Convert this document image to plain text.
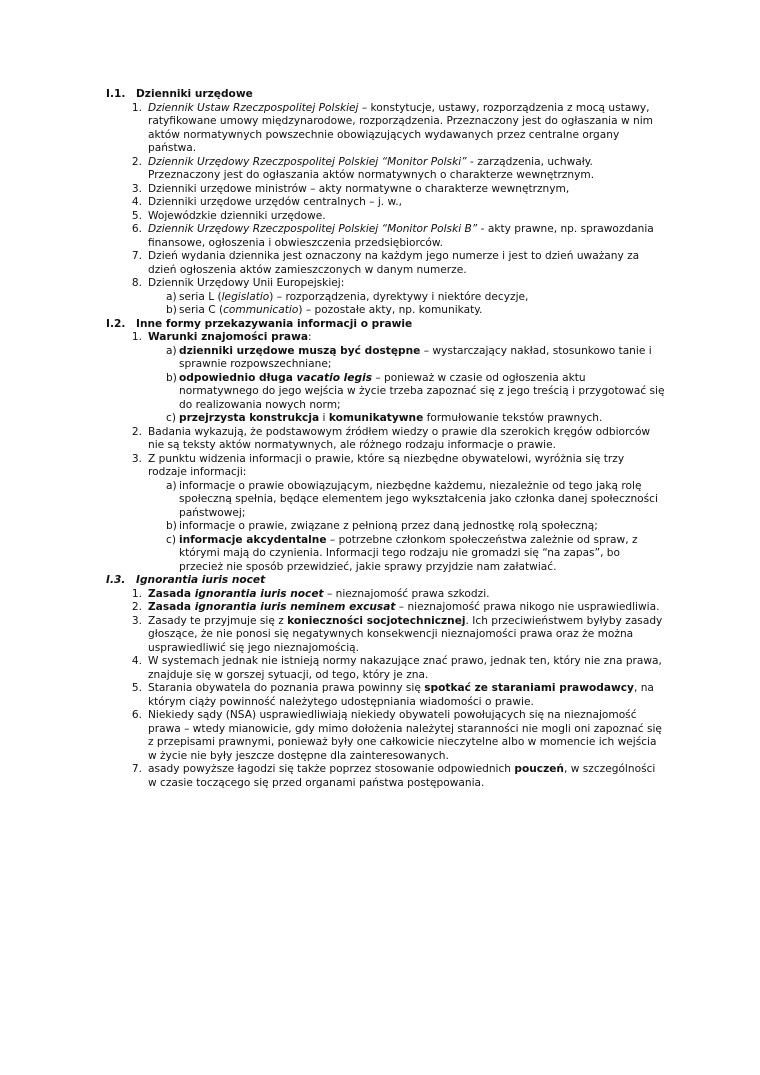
I.1. Dzienniki urzędowe

1. Dziennik Ustaw Rzeczpospolitej Polskiej – konstytucje, ustawy, rozporządzenia z mocą ustawy, ratyfikowane umowy międzynarodowe, rozporządzenia. Przeznaczony jest do ogłaszania w nim aktów normatywnych powszechnie obowiązujących wydawanych przez centralne organy państwa.
2. Dziennik Urzędowy Rzeczpospolitej Polskiej “Monitor Polski” - zarządzenia, uchwały. Przeznaczony jest do ogłaszania aktów normatywnych o charakterze wewnętrznym.
3. Dzienniki urzędowe ministrów – akty normatywne o charakterze wewnętrznym,
4. Dzienniki urzędowe urzędów centralnych – j. w.,
5. Wojewódzkie dzienniki urzędowe.
6. Dziennik Urzędowy Rzeczpospolitej Polskiej “Monitor Polski B” - akty prawne, np. sprawozdania finansowe, ogłoszenia i obwieszczenia przedsiębiorców.
7. Dzień wydania dziennika jest oznaczony na każdym jego numerze i jest to dzień uważany za dzień ogłoszenia aktów zamieszczonych w danym numerze.
8. Dziennik Urzędowy Unii Europejskiej:
a) seria L (legislatio) – rozporządzenia, dyrektywy i niektóre decyzje,
b) seria C (communicatio) – pozostałe akty, np. komunikaty.

I.2. Inne formy przekazywania informacji o prawie

1. Warunki znajomości prawa:
a) dzienniki urzędowe muszą być dostępne – wystarczający nakład, stosunkowo tanie i sprawnie rozpowszechniane;
b) odpowiednio długa vacatio legis – ponieważ w czasie od ogłoszenia aktu normatywnego do jego wejścia w życie trzeba zapoznać się z jego treścią i przygotować się do realizowania nowych norm;
c) przejrzysta konstrukcja i komunikatywne formułowanie tekstów prawnych.
2. Badania wykazują, że podstawowym źródłem wiedzy o prawie dla szerokich kręgów odbiorców nie są teksty aktów normatywnych, ale różnego rodzaju informacje o prawie.
3. Z punktu widzenia informacji o prawie, które są niezbędne obywatelowi, wyróżnia się trzy rodzaje informacji:
a) informacje o prawie obowiązującym, niezbędne każdemu, niezależnie od tego jaką rolę społeczną spełnia, będące elementem jego wykształcenia jako członka danej społeczności państwowej;
b) informacje o prawie, związane z pełnioną przez daną jednostkę rolą społeczną;
c) informacje akcydentalne – potrzebne członkom społeczeństwa zależnie od spraw, z którymi mają do czynienia. Informacji tego rodzaju nie gromadzi się “na zapas”, bo przecież nie sposób przewidzieć, jakie sprawy przyjdzie nam załatwiać.

I.3. Ignorantia iuris nocet

1. Zasada ignorantia iuris nocet – nieznajomość prawa szkodzi.
2. Zasada ignorantia iuris neminem excusat – nieznajomość prawa nikogo nie usprawiedliwia.
3. Zasady te przyjmuje się z konieczności socjotechnicznej. Ich przeciwieństwem byłyby zasady głoszące, że nie ponosi się negatywnych konsekwencji nieznajomości prawa oraz że można usprawiedliwić się jego nieznajomością.
4. W systemach jednak nie istnieją normy nakazujące znać prawo, jednak ten, który nie zna prawa, znajduje się w gorszej sytuacji, od tego, który je zna.
5. Starania obywatela do poznania prawa powinny się spotkać ze staraniami prawodawcy, na którym ciąży powinność należytego udostępniania wiadomości o prawie.
6. Niekiedy sądy (NSA) usprawiedliwiają niekiedy obywateli powołujących się na nieznajomość prawa – wtedy mianowicie, gdy mimo dołożenia należytej staranności nie mogli oni zapoznać się z przepisami prawnymi, ponieważ były one całkowicie nieczytelne albo w momencie ich wejścia w życie nie były jeszcze dostępne dla zainteresowanych.
7. asady powyższe łagodzi się także poprzez stosowanie odpowiednich pouczeń, w szczególności w czasie toczącego się przed organami państwa postępowania.
